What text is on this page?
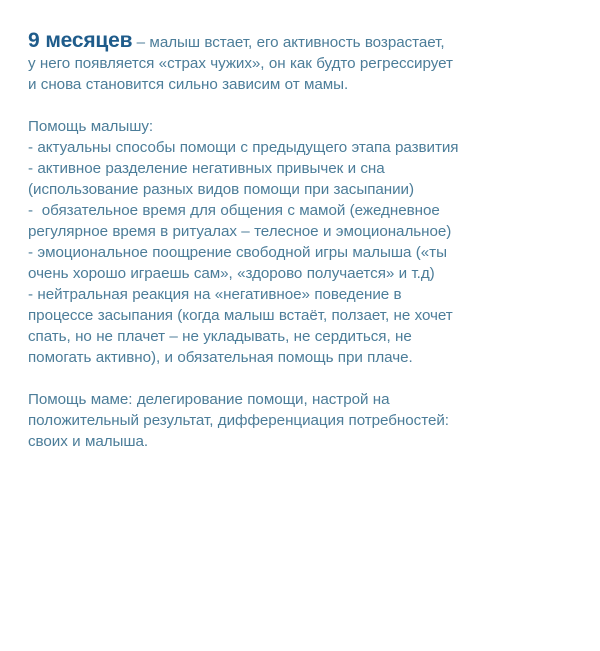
9 месяцев – малыш встает, его активность возрастает,
у него появляется «страх чужих», он как будто регрессирует
и снова становится сильно зависим от мамы.

Помощь малышу:
- актуальны способы помощи с предыдущего этапа развития
- активное разделение негативных привычек и сна
(использование разных видов помощи при засыпании)
-  обязательное время для общения с мамой (ежедневное
регулярное время в ритуалах – телесное и эмоциональное)
- эмоциональное поощрение свободной игры малыша («ты
очень хорошо играешь сам», «здорово получается» и т.д)
- нейтральная реакция на «негативное» поведение в
процессе засыпания (когда малыш встаёт, ползает, не хочет
спать, но не плачет – не укладывать, не сердиться, не
помогать активно), и обязательная помощь при плаче.

Помощь маме: делегирование помощи, настрой на
положительный результат, дифференциация потребностей:
своих и малыша.
